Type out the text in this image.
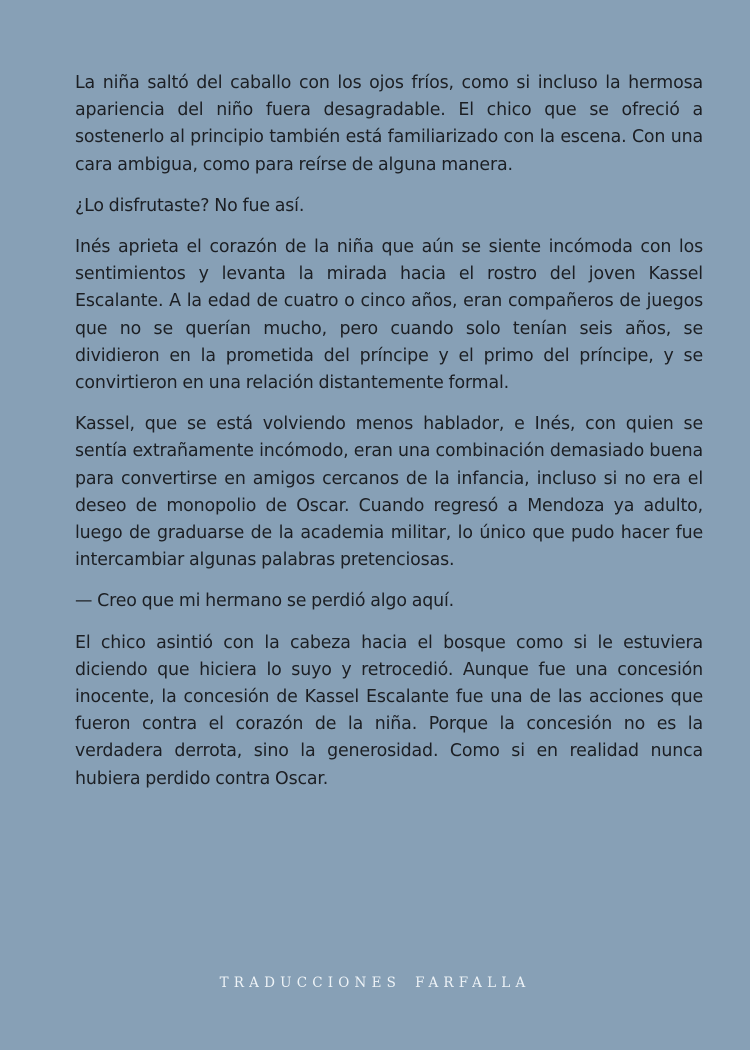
La niña saltó del caballo con los ojos fríos, como si incluso la hermosa apariencia del niño fuera desagradable. El chico que se ofreció a sostenerlo al principio también está familiarizado con la escena. Con una cara ambigua, como para reírse de alguna manera.

¿Lo disfrutaste? No fue así.

Inés aprieta el corazón de la niña que aún se siente incómoda con los sentimientos y levanta la mirada hacia el rostro del joven Kassel Escalante. A la edad de cuatro o cinco años, eran compañeros de juegos que no se querían mucho, pero cuando solo tenían seis años, se dividieron en la prometida del príncipe y el primo del príncipe, y se convirtieron en una relación distantemente formal.

Kassel, que se está volviendo menos hablador, e Inés, con quien se sentía extrañamente incómodo, eran una combinación demasiado buena para convertirse en amigos cercanos de la infancia, incluso si no era el deseo de monopolio de Oscar. Cuando regresó a Mendoza ya adulto, luego de graduarse de la academia militar, lo único que pudo hacer fue intercambiar algunas palabras pretenciosas.

— Creo que mi hermano se perdió algo aquí.

El chico asintió con la cabeza hacia el bosque como si le estuviera diciendo que hiciera lo suyo y retrocedió. Aunque fue una concesión inocente, la concesión de Kassel Escalante fue una de las acciones que fueron contra el corazón de la niña. Porque la concesión no es la verdadera derrota, sino la generosidad. Como si en realidad nunca hubiera perdido contra Oscar.

TRADUCCIONES FARFALLA
